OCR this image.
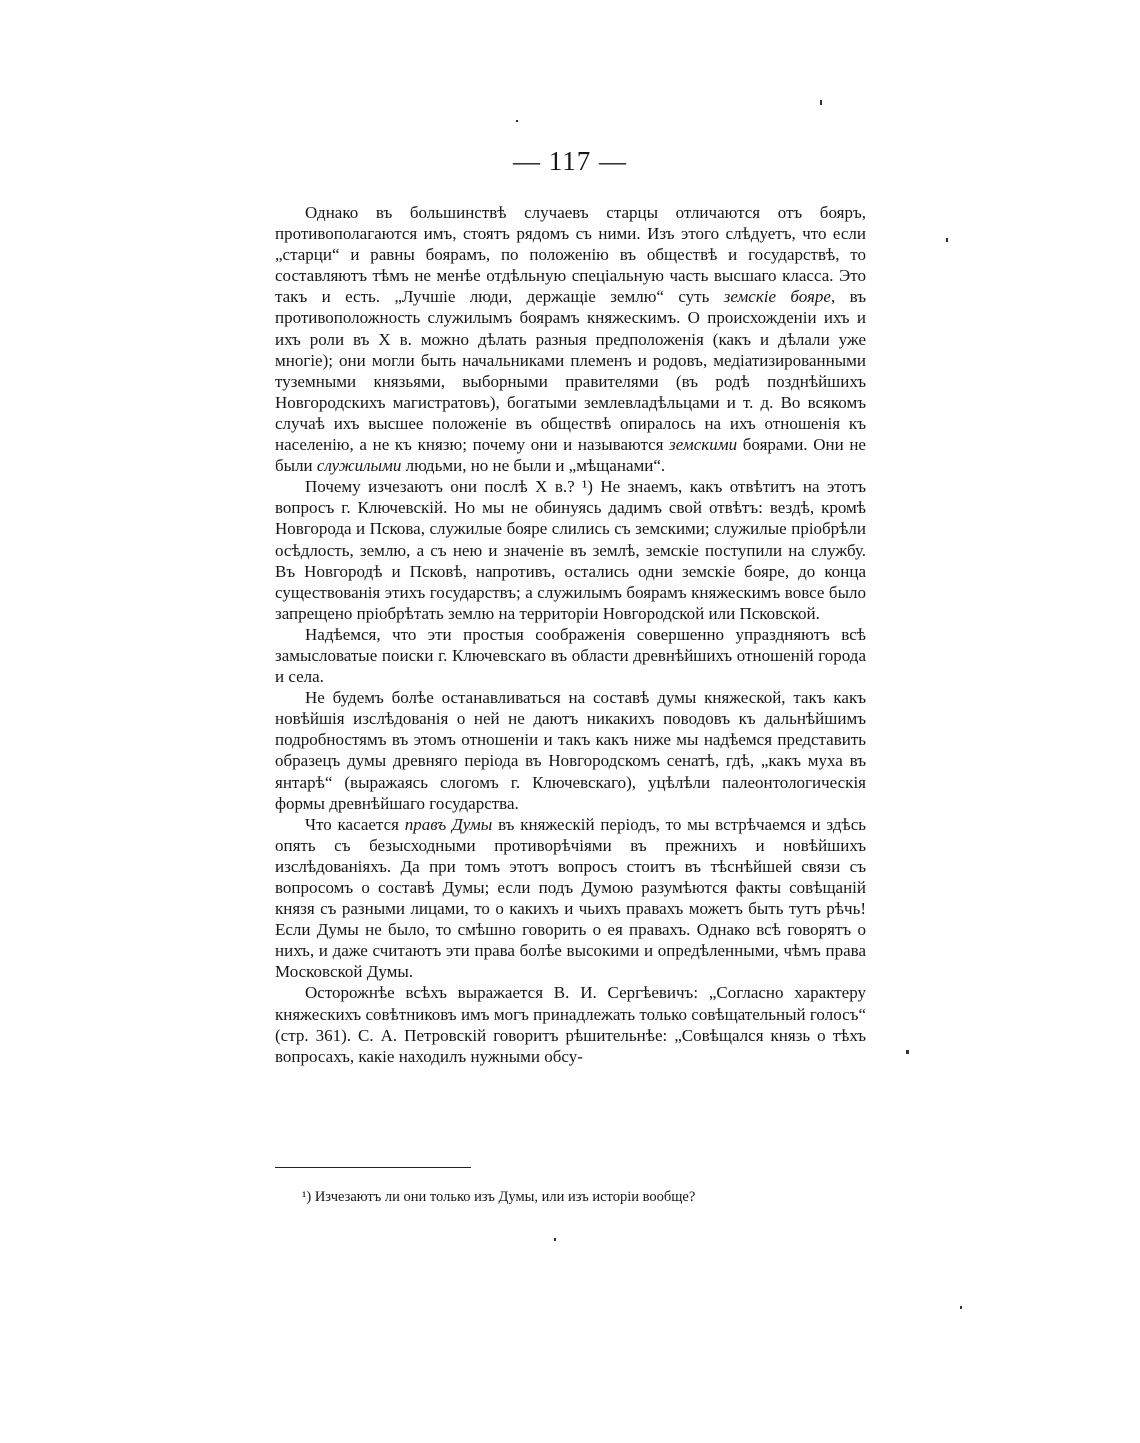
— 117 —

Однако въ большинствѣ случаевъ старцы отличаются отъ бояръ, противополагаются имъ, стоятъ рядомъ съ ними. Изъ этого слѣдуетъ, что если „старци“ и равны боярамъ, по положенію въ обществѣ и государствѣ, то составляютъ тѣмъ не менѣе отдѣльную спеціальную часть высшаго класса. Это такъ и есть. „Лучшіе люди, держащіе землю“ суть земскіе бояре, въ противоположность служилымъ боярамъ княжескимъ. О происхожденіи ихъ и ихъ роли въ X в. можно дѣлать разныя предположенія (какъ и дѣлали уже многіе); они могли быть начальниками племенъ и родовъ, медіатизированными туземными князьями, выборными правителями (въ родѣ позднѣйшихъ Новгородскихъ магистратовъ), богатыми землевладѣльцами и т. д. Во всякомъ случаѣ ихъ высшее положеніе въ обществѣ опиралось на ихъ отношенія къ населенію, а не къ князю; почему они и называются земскими боярами. Они не были служилыми людьми, но не были и „мѣщанами“.

Почему изчезаютъ они послѣ X в.? ¹) Не знаемъ, какъ отвѣтитъ на этотъ вопросъ г. Ключевскій. Но мы не обинуясь дадимъ свой отвѣтъ: вездѣ, кромѣ Новгорода и Пскова, служилые бояре слились съ земскими; служилые пріобрѣли осѣдлость, землю, а съ нею и значеніе въ землѣ, земскіе поступили на службу. Въ Новгородѣ и Псковѣ, напротивъ, остались одни земскіе бояре, до конца существованія этихъ государствъ; а служилымъ боярамъ княжескимъ вовсе было запрещено пріобрѣтать землю на территоріи Новгородской или Псковской.

Надѣемся, что эти простыя соображенія совершенно упраздняютъ всѣ замысловатые поиски г. Ключевскаго въ области древнѣйшихъ отношеній города и села.

Не будемъ болѣе останавливаться на составѣ думы княжеской, такъ какъ новѣйшія изслѣдованія о ней не даютъ никакихъ поводовъ къ дальнѣйшимъ подробностямъ въ этомъ отношеніи и такъ какъ ниже мы надѣемся представить образецъ думы древняго періода въ Новгородскомъ сенатѣ, гдѣ, „какъ муха въ янтарѣ“ (выражаясь слогомъ г. Ключевскаго), уцѣлѣли палеонтологическія формы древнѣйшаго государства.

Что касается правъ Думы въ княжескій періодъ, то мы встрѣчаемся и здѣсь опять съ безысходными противорѣчіями въ прежнихъ и новѣйшихъ изслѣдованіяхъ. Да при томъ этотъ вопросъ стоитъ въ тѣснѣйшей связи съ вопросомъ о составѣ Думы; если подъ Думою разумѣются факты совѣщаній князя съ разными лицами, то о какихъ и чьихъ правахъ можетъ быть тутъ рѣчь! Если Думы не было, то смѣшно говорить о ея правахъ. Однако всѣ говорятъ о нихъ, и даже считаютъ эти права болѣе высокими и опредѣленными, чѣмъ права Московской Думы.

Осторожнѣе всѣхъ выражается В. И. Сергѣевичъ: „Согласно характеру княжескихъ совѣтниковъ имъ могъ принадлежать только совѣщательный голосъ“ (стр. 361). С. А. Петровскій говоритъ рѣшительнѣе: „Совѣщался князь о тѣхъ вопросахъ, какіе находилъ нужными обсу-

¹) Изчезаютъ ли они только изъ Думы, или изъ исторіи вообще?
